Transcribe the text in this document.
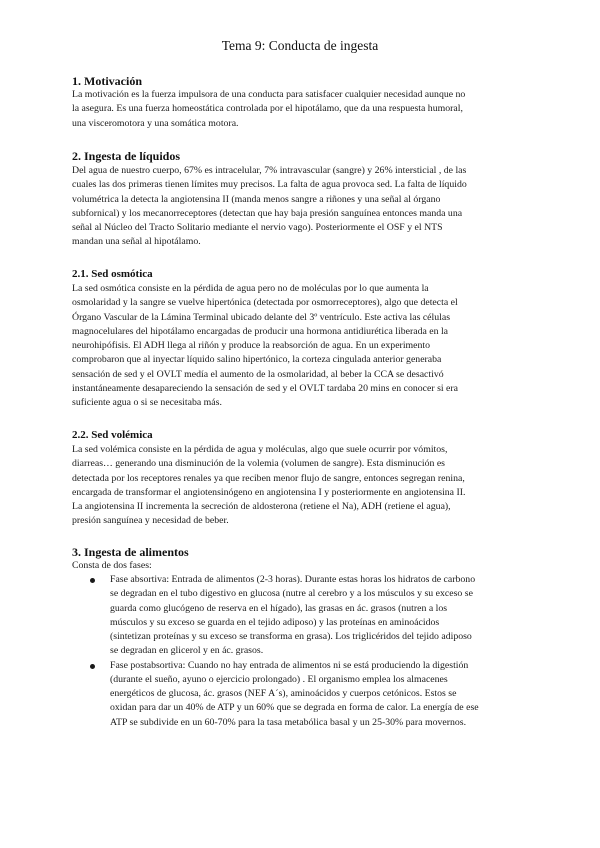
Tema 9: Conducta de ingesta
1. Motivación
La motivación es la fuerza impulsora de una conducta para satisfacer cualquier necesidad aunque no
la asegura. Es una fuerza homeostática controlada por el hipotálamo, que da una respuesta humoral,
una visceromotora y una somática motora.
2. Ingesta de líquidos
Del agua de nuestro cuerpo, 67% es intracelular, 7% intravascular (sangre) y 26% intersticial , de las
cuales las dos primeras tienen límites muy precisos. La falta de agua provoca sed. La falta de líquido
volumétrica la detecta la angiotensina II (manda menos sangre a riñones y una señal al órgano
subfornical) y los mecanorreceptores (detectan que hay baja presión sanguínea entonces manda una
señal al Núcleo del Tracto Solitario mediante el nervio vago). Posteriormente el OSF y el NTS
mandan una señal al hipotálamo.
2.1. Sed osmótica
La sed osmótica consiste en la pérdida de agua pero no de moléculas por lo que aumenta la
osmolaridad y la sangre se vuelve hipertónica (detectada por osmorreceptores), algo que detecta el
Órgano Vascular de la Lámina Terminal ubicado delante del 3º ventrículo. Este activa las células
magnocelulares del hipotálamo encargadas de producir una hormona antidiurética liberada en la
neurohipófisis. El ADH llega al riñón y produce la reabsorción de agua. En un experimento
comprobaron que al inyectar líquido salino hipertónico, la corteza cingulada anterior generaba
sensación de sed y el OVLT medía el aumento de la osmolaridad, al beber la CCA se desactivó
instantáneamente desapareciendo la sensación de sed y el OVLT tardaba 20 mins en conocer si era
suficiente agua o si se necesitaba más.
2.2. Sed volémica
La sed volémica consiste en la pérdida de agua y moléculas, algo que suele ocurrir por vómitos,
diarreas… generando una disminución de la volemia (volumen de sangre). Esta disminución es
detectada por los receptores renales ya que reciben menor flujo de sangre, entonces segregan renina,
encargada de transformar el angiotensinógeno en angiotensina I y posteriormente en angiotensina II.
La angiotensina II incrementa la secreción de aldosterona (retiene el Na), ADH (retiene el agua),
presión sanguínea y necesidad de beber.
3. Ingesta de alimentos
Consta de dos fases:
Fase absortiva: Entrada de alimentos (2-3 horas). Durante estas horas los hidratos de carbono
se degradan en el tubo digestivo en glucosa (nutre al cerebro y a los músculos y su exceso se
guarda como glucógeno de reserva en el hígado), las grasas en ác. grasos (nutren a los
músculos y su exceso se guarda en el tejido adiposo) y las proteínas en aminoácidos
(sintetizan proteínas y su exceso se transforma en grasa). Los triglicéridos del tejido adiposo
se degradan en glicerol y en ác. grasos.
Fase postabsortiva: Cuando no hay entrada de alimentos ni se está produciendo la digestión
(durante el sueño, ayuno o ejercicio prolongado) . El organismo emplea los almacenes
energéticos de glucosa, ác. grasos (NEF A´s), aminoácidos y cuerpos cetónicos. Estos se
oxidan para dar un 40% de ATP y un 60% que se degrada en forma de calor. La energía de ese
ATP se subdivide en un 60-70% para la tasa metabólica basal y un 25-30% para movernos.
